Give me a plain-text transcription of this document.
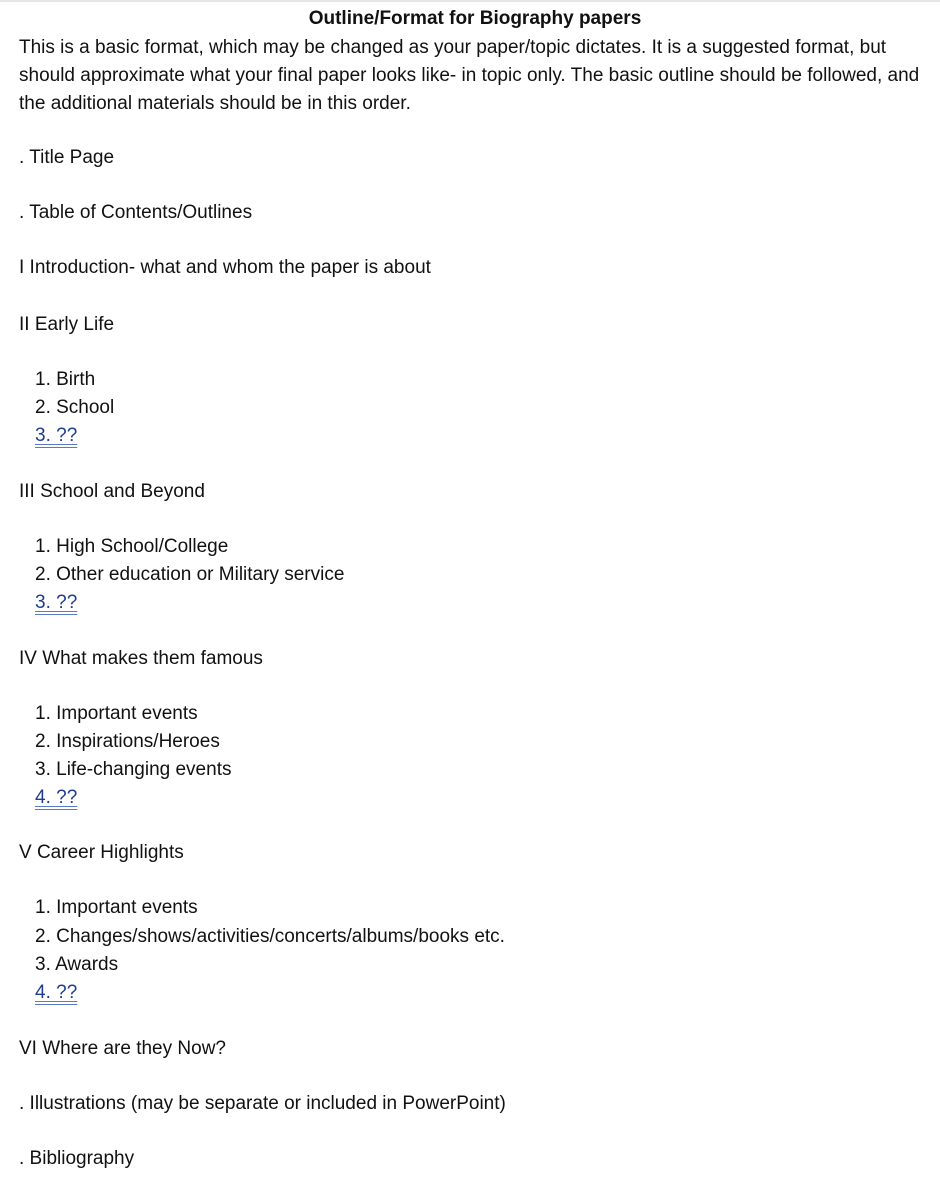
Outline/Format for Biography papers
This is a basic format, which may be changed as your paper/topic dictates. It is a suggested format, but should approximate what your final paper looks like- in topic only. The basic outline should be followed, and the additional materials should be in this order.
. Title Page
. Table of Contents/Outlines
I Introduction- what and whom the paper is about
II Early Life
1. Birth
2. School
3. ??
III School and Beyond
1. High School/College
2. Other education or Military service
3. ??
IV What makes them famous
1. Important events
2. Inspirations/Heroes
3. Life-changing events
4. ??
V Career Highlights
1. Important events
2. Changes/shows/activities/concerts/albums/books etc.
3. Awards
4. ??
VI Where are they Now?
. Illustrations (may be separate or included in PowerPoint)
. Bibliography
